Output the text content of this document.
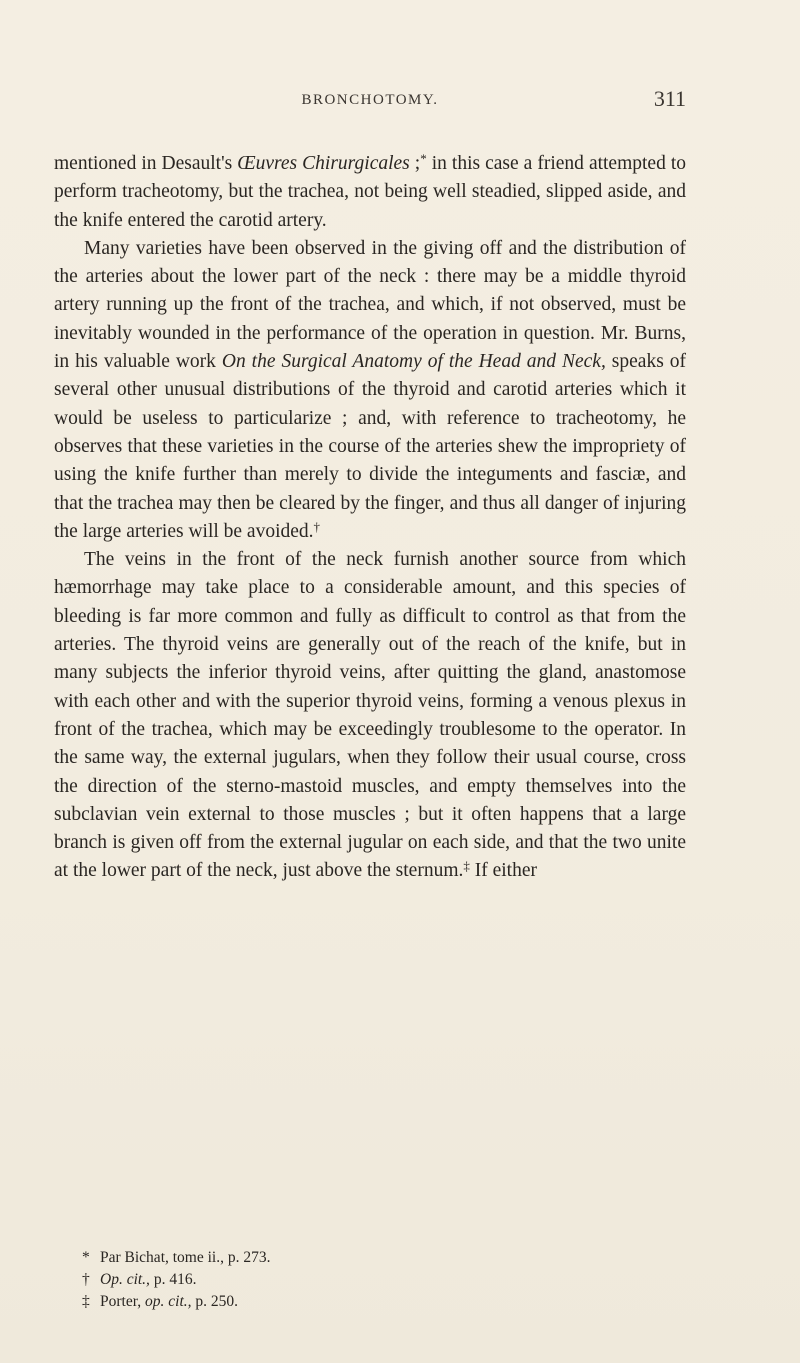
BRONCHOTOMY.	311

mentioned in Desault's Œuvres Chirurgicales ;* in this case a friend attempted to perform tracheotomy, but the trachea, not being well steadied, slipped aside, and the knife entered the carotid artery.

Many varieties have been observed in the giving off and the distribution of the arteries about the lower part of the neck : there may be a middle thyroid artery running up the front of the trachea, and which, if not observed, must be inevitably wounded in the performance of the operation in question. Mr. Burns, in his valuable work On the Surgical Anatomy of the Head and Neck, speaks of several other unusual distributions of the thyroid and carotid arteries which it would be useless to particularize ; and, with reference to tracheotomy, he observes that these varieties in the course of the arteries shew the impropriety of using the knife further than merely to divide the integuments and fasciæ, and that the trachea may then be cleared by the finger, and thus all danger of injuring the large arteries will be avoided.†

The veins in the front of the neck furnish another source from which hæmorrhage may take place to a considerable amount, and this species of bleeding is far more common and fully as difficult to control as that from the arteries. The thyroid veins are generally out of the reach of the knife, but in many subjects the inferior thyroid veins, after quitting the gland, anastomose with each other and with the superior thyroid veins, forming a venous plexus in front of the trachea, which may be exceedingly troublesome to the operator. In the same way, the external jugulars, when they follow their usual course, cross the direction of the sterno-mastoid muscles, and empty themselves into the subclavian vein external to those muscles ; but it often happens that a large branch is given off from the external jugular on each side, and that the two unite at the lower part of the neck, just above the sternum.‡ If either

* Par Bichat, tome ii., p. 273.
† Op. cit., p. 416.
‡ Porter, op. cit., p. 250.
